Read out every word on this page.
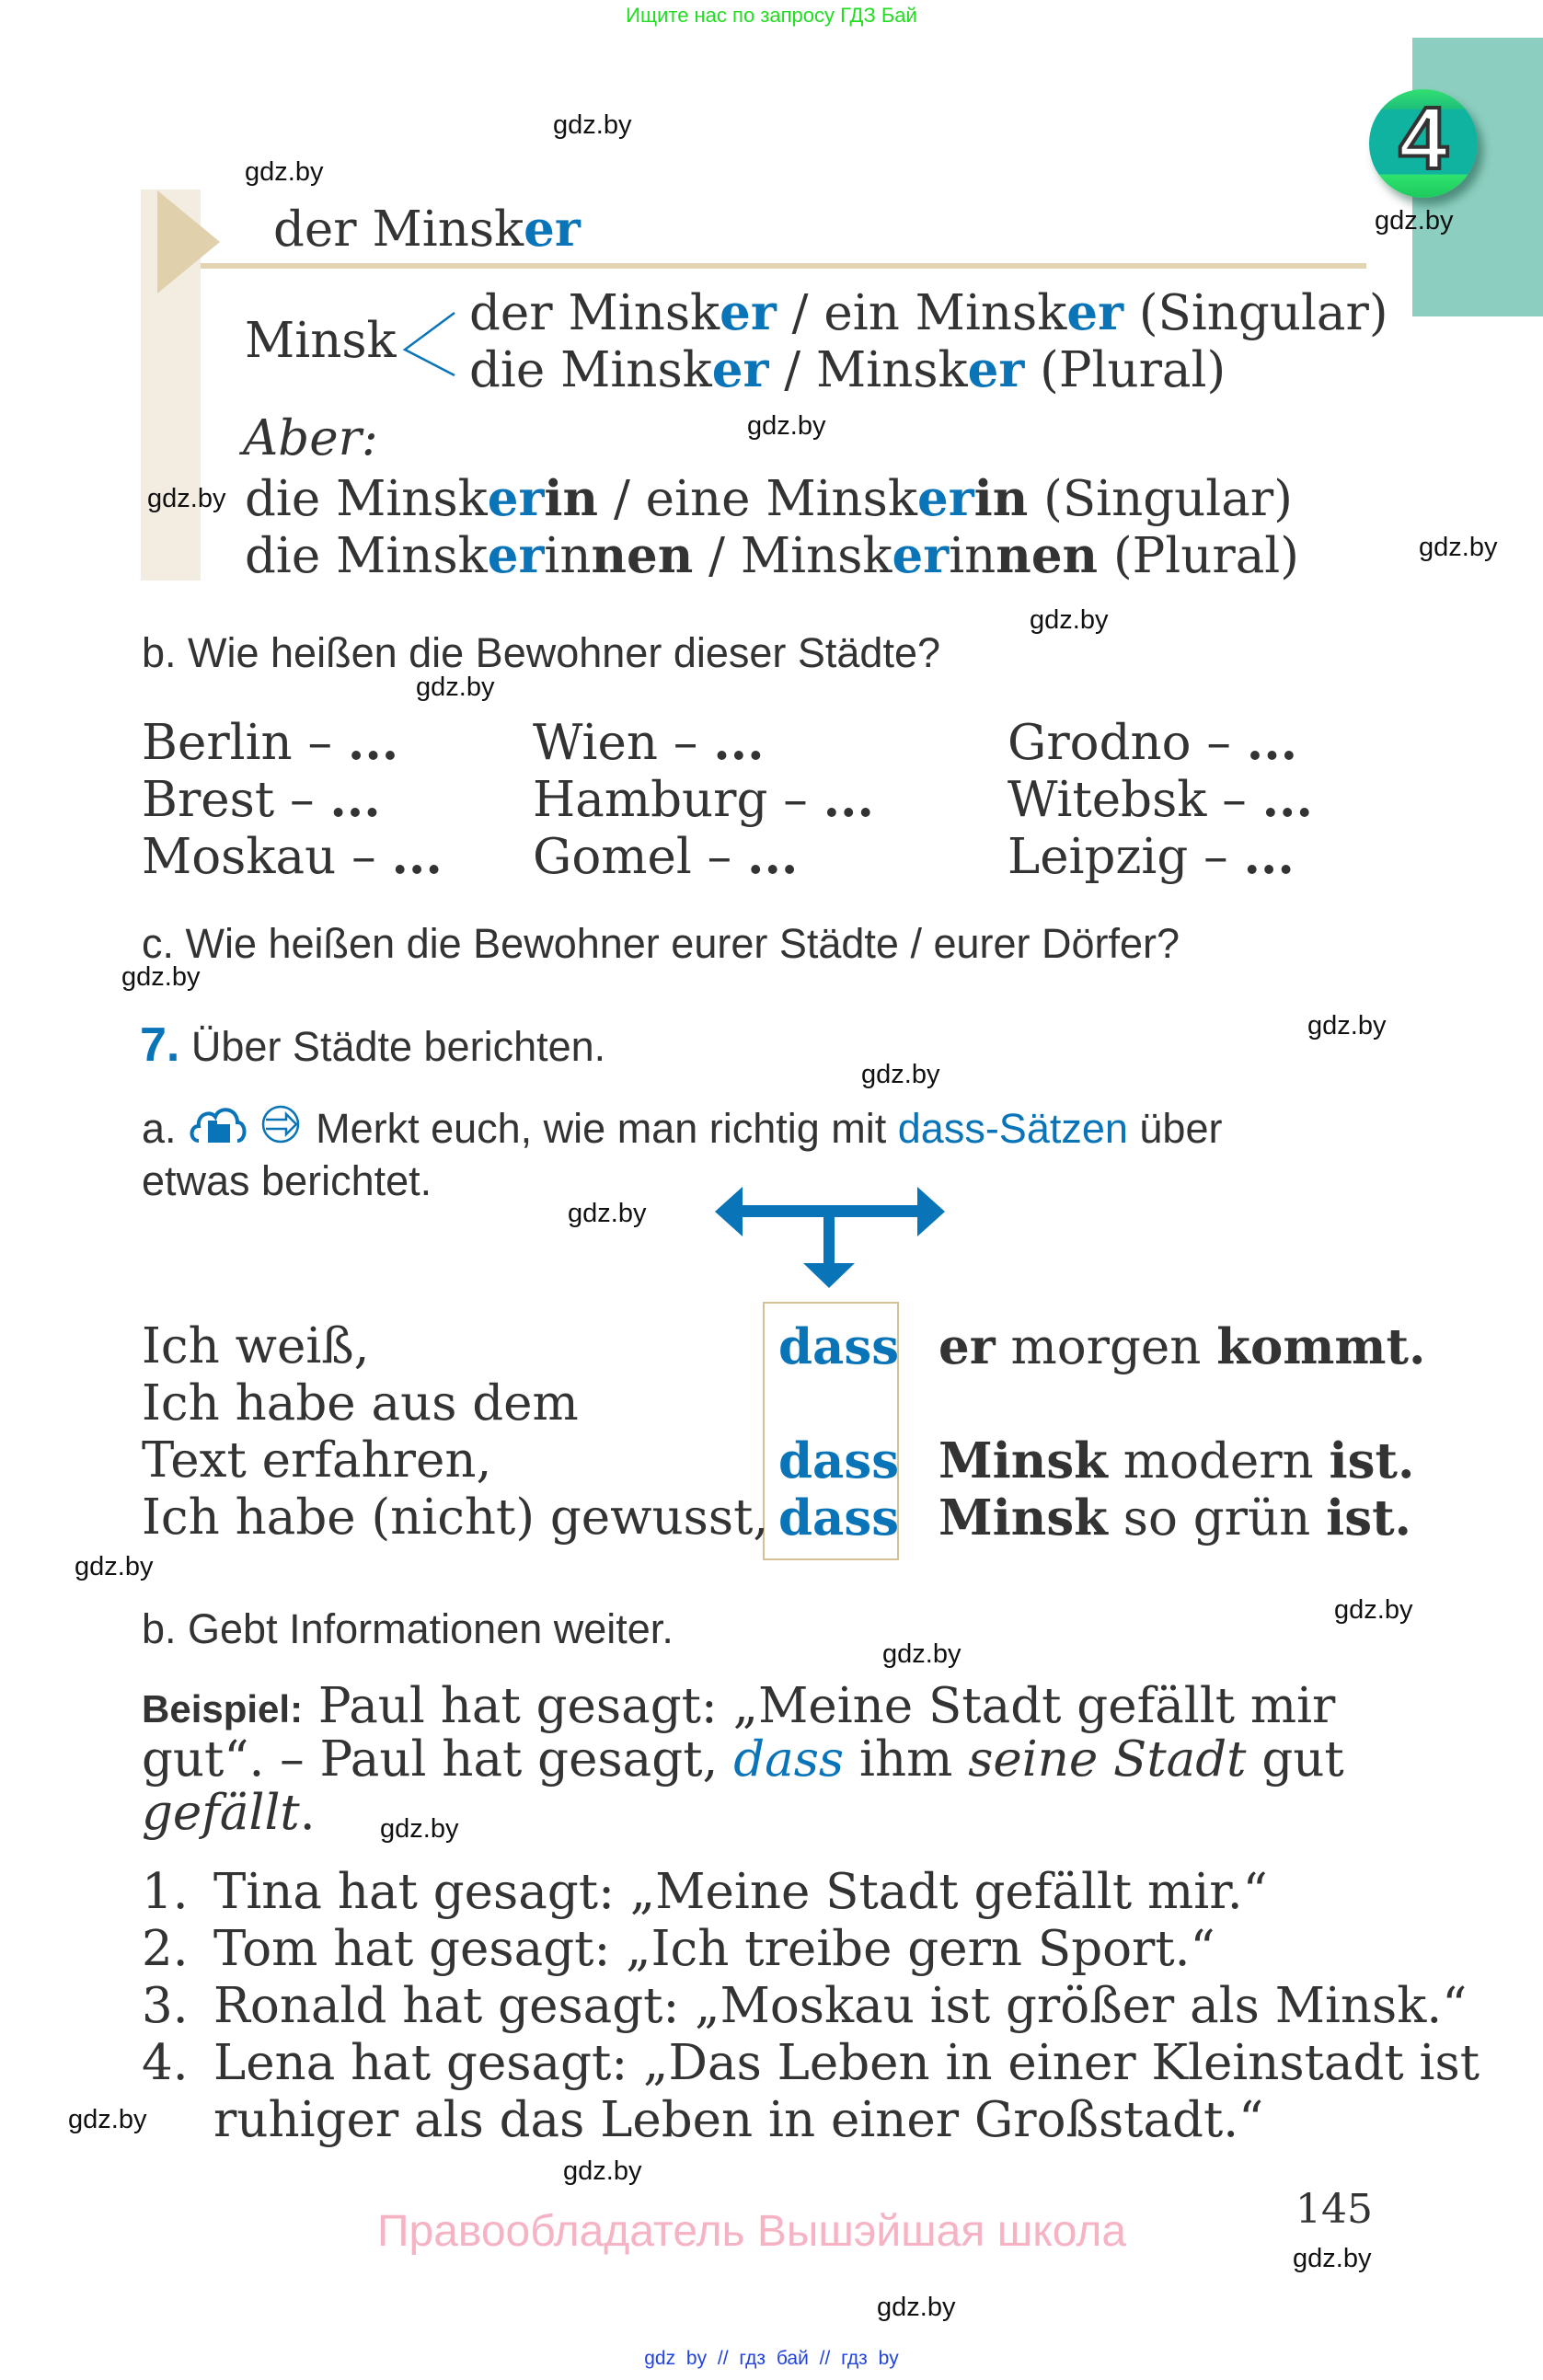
Ищите нас по запросу ГДЗ Бай
4
der Minsker
Minsk der Minsker / ein Minsker (Singular)
die Minsker / Minsker (Plural)
Aber:
die Minskerin / eine Minskerin (Singular)
die Minskerinnen / Minskerinnen (Plural)
b. Wie heißen die Bewohner dieser Städte?
Berlin – ...	Wien – ...	Grodno – ...
Brest – ...	Hamburg – ...	Witebsk – ...
Moskau – ... Gomel – ...	Leipzig – ...
c. Wie heißen die Bewohner eurer Städte / eurer Dörfer?
7. Über Städte berichten.
a.	Merkt euch, wie man richtig mit dass-Sätzen über
etwas berichtet.
Ich weiß,	dass er morgen kommt.
Ich habe aus dem
Text erfahren,	dass Minsk modern ist.
Ich habe (nicht) gewusst, dass Minsk so grün ist.
b. Gebt Informationen weiter.
Beispiel: Paul hat gesagt: „Meine Stadt gefällt mir
gut“. – Paul hat gesagt, dass ihm seine Stadt gut
gefällt.
1. Tina hat gesagt: „Meine Stadt gefällt mir.“
2. Tom hat gesagt: „Ich treibe gern Sport.“
3. Ronald hat gesagt: „Moskau ist größer als Minsk.“
4. Lena hat gesagt: „Das Leben in einer Kleinstadt ist
ruhiger als das Leben in einer Großstadt.“
145
Правообладатель Вышэйшая школа
gdz by // гдз бай // гдз by
gdz.by
gdz.by
gdz.by
gdz.by
gdz.by
gdz.by
gdz.by
gdz.by
gdz.by
gdz.by
gdz.by
gdz.by
gdz.by
gdz.by
gdz.by
gdz.by
gdz.by
gdz.by
gdz.by
gdz.by
